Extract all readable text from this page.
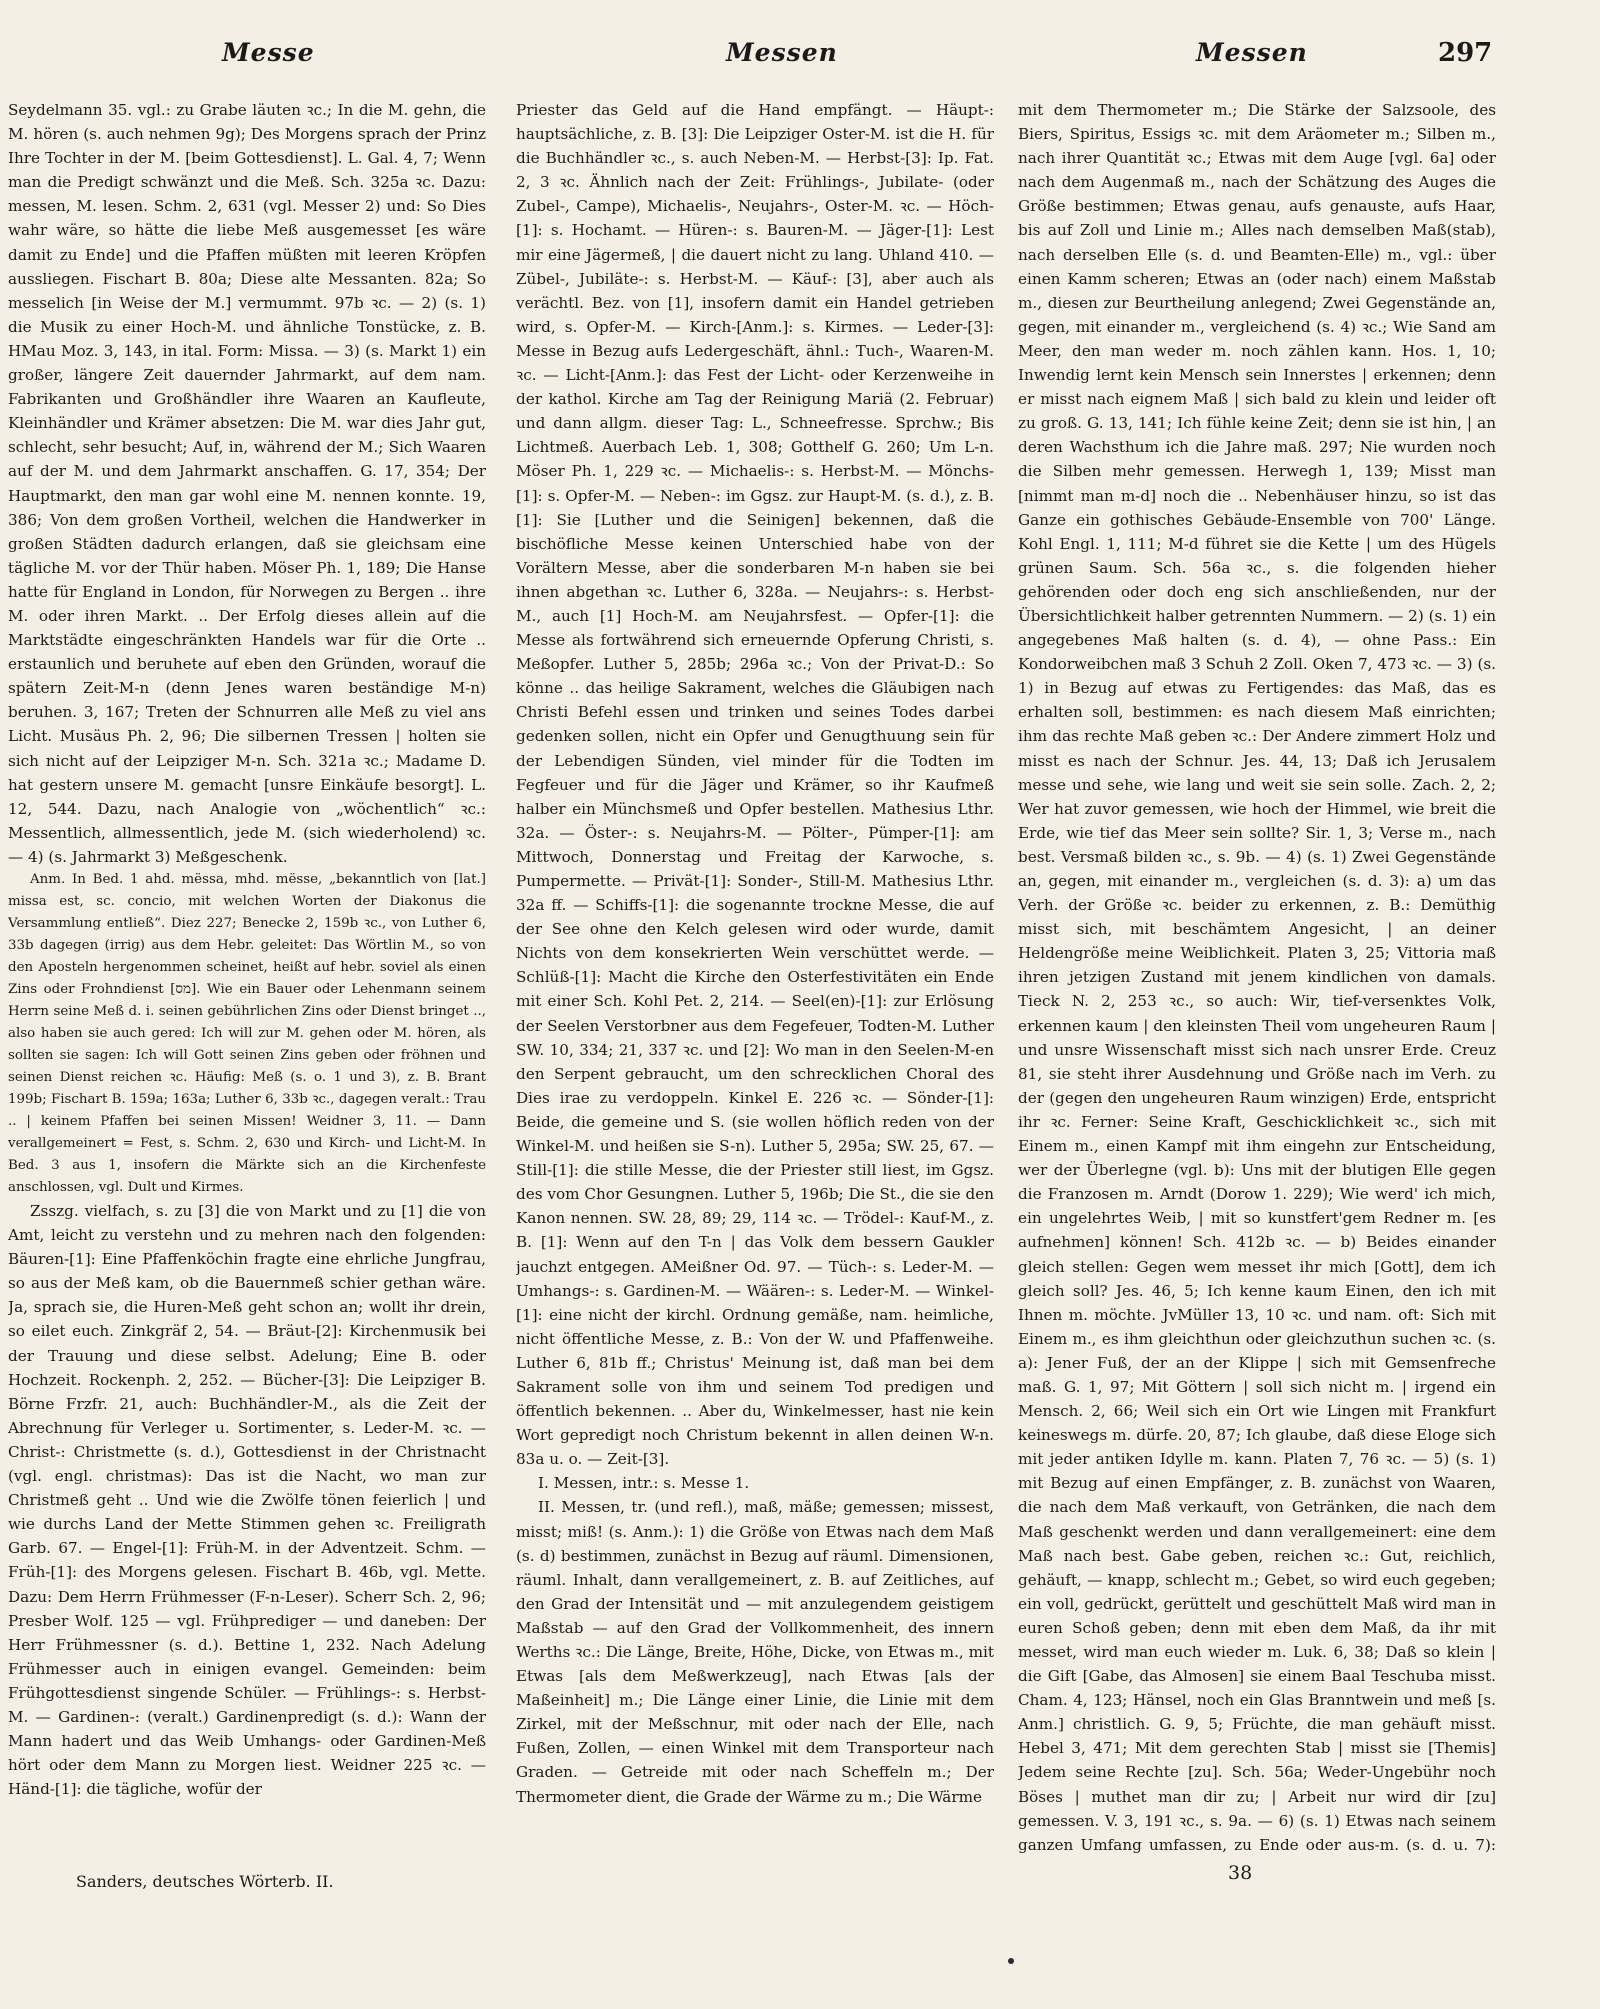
Messe	Messen	Messen	297

Seydelmann 35. vgl.: zu Grabe läuten ꝛc.; In die M. gehn, die M. hören (s. auch nehmen 9g); Des Morgens sprach der Prinz Ihre Tochter in der M. [beim Gottesdienst]. L. Gal. 4, 7; Wenn man die Predigt schwänzt und die Meß. Sch. 325a ꝛc. Dazu: messen, M. lesen. Schm. 2, 631 (vgl. Messer 2) und: So Dies wahr wäre, so hätte die liebe Meß ausgemesset [es wäre damit zu Ende] und die Pfaffen müßten mit leeren Kröpfen aussliegen. Fischart B. 80a; Diese alte Messanten. 82a; So messelich [in Weise der M.] vermummt. 97b ꝛc. — 2) (s. 1) die Musik zu einer Hoch-M. und ähnliche Tonstücke, z. B. HMau Moz. 3, 143, in ital. Form: Missa. — 3) (s. Markt 1) ein großer, längere Zeit dauernder Jahrmarkt, auf dem nam. Fabrikanten und Großhändler ihre Waaren an Kaufleute, Kleinhändler und Krämer absetzen: Die M. war dies Jahr gut, schlecht, sehr besucht; Auf, in, während der M.; Sich Waaren auf der M. und dem Jahrmarkt anschaffen. G. 17, 354; Der Hauptmarkt, den man gar wohl eine M. nennen konnte. 19, 386; Von dem großen Vortheil, welchen die Handwerker in großen Städten dadurch erlangen, daß sie gleichsam eine tägliche M. vor der Thür haben. Möser Ph. 1, 189; Die Hanse hatte für England in London, für Norwegen zu Bergen .. ihre M. oder ihren Markt. .. Der Erfolg dieses allein auf die Marktstädte eingeschränkten Handels war für die Orte .. erstaunlich und beruhete auf eben den Gründen, worauf die spätern Zeit-M-n (denn Jenes waren beständige M-n) beruhen. 3, 167; Treten der Schnurren alle Meß zu viel ans Licht. Musäus Ph. 2, 96; Die silbernen Tressen | holten sie sich nicht auf der Leipziger M-n. Sch. 321a ꝛc.; Madame D. hat gestern unsere M. gemacht [unsre Einkäufe besorgt]. L. 12, 544. Dazu, nach Analogie von „wöchentlich“ ꝛc.: Messentlich, allmessentlich, jede M. (sich wiederholend) ꝛc. — 4) (s. Jahrmarkt 3) Meßgeschenk.

Anm. In Bed. 1 ahd. mëssa, mhd. mësse, „bekanntlich von [lat.] missa est, sc. concio, mit welchen Worten der Diakonus die Versammlung entließ“. Diez 227; Benecke 2, 159b ꝛc., von Luther 6, 33b dagegen (irrig) aus dem Hebr. geleitet: Das Wörtlin M., so von den Aposteln hergenommen scheinet, heißt auf hebr. soviel als einen Zins oder Frohndienst [מס]. Wie ein Bauer oder Lehenmann seinem Herrn seine Meß d. i. seinen gebührlichen Zins oder Dienst bringet .., also haben sie auch gered: Ich will zur M. gehen oder M. hören, als sollten sie sagen: Ich will Gott seinen Zins geben oder fröhnen und seinen Dienst reichen ꝛc. Häufig: Meß (s. o. 1 und 3), z. B. Brant 199b; Fischart B. 159a; 163a; Luther 6, 33b ꝛc., dagegen veralt.: Trau .. | keinem Pfaffen bei seinen Missen! Weidner 3, 11. — Dann verallgemeinert = Fest, s. Schm. 2, 630 und Kirch- und Licht-M. In Bed. 3 aus 1, insofern die Märkte sich an die Kirchenfeste anschlossen, vgl. Dult und Kirmes.

Zsszg. vielfach, s. zu [3] die von Markt und zu [1] die von Amt, leicht zu verstehn und zu mehren nach den folgenden: Bäuren-[1]: Eine Pfaffenköchin fragte eine ehrliche Jungfrau, so aus der Meß kam, ob die Bauernmeß schier gethan wäre. Ja, sprach sie, die Huren-Meß geht schon an; wollt ihr drein, so eilet euch. Zinkgräf 2, 54. — Bräut-[2]: Kirchenmusik bei der Trauung und diese selbst. Adelung; Eine B. oder Hochzeit. Rockenph. 2, 252. — Bücher-[3]: Die Leipziger B. Börne Frzfr. 21, auch: Buchhändler-M., als die Zeit der Abrechnung für Verleger u. Sortimenter, s. Leder-M. ꝛc. — Christ-: Christmette (s. d.), Gottesdienst in der Christnacht (vgl. engl. christmas): Das ist die Nacht, wo man zur Christmeß geht .. Und wie die Zwölfe tönen feierlich | und wie durchs Land der Mette Stimmen gehen ꝛc. Freiligrath Garb. 67. — Engel-[1]: Früh-M. in der Adventzeit. Schm. — Früh-[1]: des Morgens gelesen. Fischart B. 46b, vgl. Mette. Dazu: Dem Herrn Frühmesser (F-n-Leser). Scherr Sch. 2, 96; Presber Wolf. 125 — vgl. Frühprediger — und daneben: Der Herr Frühmessner (s. d.). Bettine 1, 232. Nach Adelung Frühmesser auch in einigen evangel. Gemeinden: beim Frühgottesdienst singende Schüler. — Frühlings-: s. Herbst-M. — Gardinen-: (veralt.) Gardinenpredigt (s. d.): Wann der Mann hadert und das Weib Umhangs- oder Gardinen-Meß hört oder dem Mann zu Morgen liest. Weidner 225 ꝛc. — Händ-[1]: die tägliche, wofür der

Priester das Geld auf die Hand empfängt. — Häupt-: hauptsächliche, z. B. [3]: Die Leipziger Oster-M. ist die H. für die Buchhändler ꝛc., s. auch Neben-M. — Herbst-[3]: Ip. Fat. 2, 3 ꝛc. Ähnlich nach der Zeit: Frühlings-, Jubilate- (oder Zubel-, Campe), Michaelis-, Neujahrs-, Oster-M. ꝛc. — Höch-[1]: s. Hochamt. — Hüren-: s. Bauren-M. — Jäger-[1]: Lest mir eine Jägermeß, | die dauert nicht zu lang. Uhland 410. — Zübel-, Jubiläte-: s. Herbst-M. — Käuf-: [3], aber auch als verächtl. Bez. von [1], insofern damit ein Handel getrieben wird, s. Opfer-M. — Kirch-[Anm.]: s. Kirmes. — Leder-[3]: Messe in Bezug aufs Ledergeschäft, ähnl.: Tuch-, Waaren-M. ꝛc. — Licht-[Anm.]: das Fest der Licht- oder Kerzenweihe in der kathol. Kirche am Tag der Reinigung Mariä (2. Februar) und dann allgm. dieser Tag: L., Schneefresse. Sprchw.; Bis Lichtmeß. Auerbach Leb. 1, 308; Gotthelf G. 260; Um L-n. Möser Ph. 1, 229 ꝛc. — Michaelis-: s. Herbst-M. — Mönchs-[1]: s. Opfer-M. — Neben-: im Ggsz. zur Haupt-M. (s. d.), z. B. [1]: Sie [Luther und die Seinigen] bekennen, daß die bischöfliche Messe keinen Unterschied habe von der Vorältern Messe, aber die sonderbaren M-n haben sie bei ihnen abgethan ꝛc. Luther 6, 328a. — Neujahrs-: s. Herbst-M., auch [1] Hoch-M. am Neujahrsfest. — Opfer-[1]: die Messe als fortwährend sich erneuernde Opferung Christi, s. Meßopfer. Luther 5, 285b; 296a ꝛc.; Von der Privat-D.: So könne .. das heilige Sakrament, welches die Gläubigen nach Christi Befehl essen und trinken und seines Todes darbei gedenken sollen, nicht ein Opfer und Genugthuung sein für der Lebendigen Sünden, viel minder für die Todten im Fegfeuer und für die Jäger und Krämer, so ihr Kaufmeß halber ein Münchsmeß und Opfer bestellen. Mathesius Lthr. 32a. — Öster-: s. Neujahrs-M. — Pölter-, Pümper-[1]: am Mittwoch, Donnerstag und Freitag der Karwoche, s. Pumpermette. — Privät-[1]: Sonder-, Still-M. Mathesius Lthr. 32a ff. — Schiffs-[1]: die sogenannte trockne Messe, die auf der See ohne den Kelch gelesen wird oder wurde, damit Nichts von dem konsekrierten Wein verschüttet werde. — Schlüß-[1]: Macht die Kirche den Osterfestivitäten ein Ende mit einer Sch. Kohl Pet. 2, 214. — Seel(en)-[1]: zur Erlösung der Seelen Verstorbner aus dem Fegefeuer, Todten-M. Luther SW. 10, 334; 21, 337 ꝛc. und [2]: Wo man in den Seelen-M-en den Serpent gebraucht, um den schrecklichen Choral des Dies irae zu verdoppeln. Kinkel E. 226 ꝛc. — Sönder-[1]: Beide, die gemeine und S. (sie wollen höflich reden von der Winkel-M. und heißen sie S-n). Luther 5, 295a; SW. 25, 67. — Still-[1]: die stille Messe, die der Priester still liest, im Ggsz. des vom Chor Gesungnen. Luther 5, 196b; Die St., die sie den Kanon nennen. SW. 28, 89; 29, 114 ꝛc. — Trödel-: Kauf-M., z. B. [1]: Wenn auf den T-n | das Volk dem bessern Gaukler jauchzt entgegen. AMeißner Od. 97. — Tüch-: s. Leder-M. — Umhangs-: s. Gardinen-M. — Wäären-: s. Leder-M. — Winkel-[1]: eine nicht der kirchl. Ordnung gemäße, nam. heimliche, nicht öffentliche Messe, z. B.: Von der W. und Pfaffenweihe. Luther 6, 81b ff.; Christus' Meinung ist, daß man bei dem Sakrament solle von ihm und seinem Tod predigen und öffentlich bekennen. .. Aber du, Winkelmesser, hast nie kein Wort gepredigt noch Christum bekennt in allen deinen W-n. 83a u. o. — Zeit-[3].

I. Messen, intr.: s. Messe 1.

II. Messen, tr. (und refl.), maß, mäße; gemessen; missest, misst; miß! (s. Anm.): 1) die Größe von Etwas nach dem Maß (s. d) bestimmen, zunächst in Bezug auf räuml. Dimensionen, räuml. Inhalt, dann verallgemeinert, z. B. auf Zeitliches, auf den Grad der Intensität und — mit anzulegendem geistigem Maßstab — auf den Grad der Vollkommenheit, des innern Werths ꝛc.: Die Länge, Breite, Höhe, Dicke, von Etwas m., mit Etwas [als dem Meßwerkzeug], nach Etwas [als der Maßeinheit] m.; Die Länge einer Linie, die Linie mit dem Zirkel, mit der Meßschnur, mit oder nach der Elle, nach Fußen, Zollen, — einen Winkel mit dem Transporteur nach Graden. — Getreide mit oder nach Scheffeln m.; Der Thermometer dient, die Grade der Wärme zu m.; Die Wärme

mit dem Thermometer m.; Die Stärke der Salzsoole, des Biers, Spiritus, Essigs ꝛc. mit dem Aräometer m.; Silben m., nach ihrer Quantität ꝛc.; Etwas mit dem Auge [vgl. 6a] oder nach dem Augenmaß m., nach der Schätzung des Auges die Größe bestimmen; Etwas genau, aufs genauste, aufs Haar, bis auf Zoll und Linie m.; Alles nach demselben Maß(stab), nach derselben Elle (s. d. und Beamten-Elle) m., vgl.: über einen Kamm scheren; Etwas an (oder nach) einem Maßstab m., diesen zur Beurtheilung anlegend; Zwei Gegenstände an, gegen, mit einander m., vergleichend (s. 4) ꝛc.; Wie Sand am Meer, den man weder m. noch zählen kann. Hos. 1, 10; Inwendig lernt kein Mensch sein Innerstes | erkennen; denn er misst nach eignem Maß | sich bald zu klein und leider oft zu groß. G. 13, 141; Ich fühle keine Zeit; denn sie ist hin, | an deren Wachsthum ich die Jahre maß. 297; Nie wurden noch die Silben mehr gemessen. Herwegh 1, 139; Misst man [nimmt man m-d] noch die .. Nebenhäuser hinzu, so ist das Ganze ein gothisches Gebäude-Ensemble von 700' Länge. Kohl Engl. 1, 111; M-d führet sie die Kette | um des Hügels grünen Saum. Sch. 56a ꝛc., s. die folgenden hieher gehörenden oder doch eng sich anschließenden, nur der Übersichtlichkeit halber getrennten Nummern. — 2) (s. 1) ein angegebenes Maß halten (s. d. 4), — ohne Pass.: Ein Kondorweibchen maß 3 Schuh 2 Zoll. Oken 7, 473 ꝛc. — 3) (s. 1) in Bezug auf etwas zu Fertigendes: das Maß, das es erhalten soll, bestimmen: es nach diesem Maß einrichten; ihm das rechte Maß geben ꝛc.: Der Andere zimmert Holz und misst es nach der Schnur. Jes. 44, 13; Daß ich Jerusalem messe und sehe, wie lang und weit sie sein solle. Zach. 2, 2; Wer hat zuvor gemessen, wie hoch der Himmel, wie breit die Erde, wie tief das Meer sein sollte? Sir. 1, 3; Verse m., nach best. Versmaß bilden ꝛc., s. 9b. — 4) (s. 1) Zwei Gegenstände an, gegen, mit einander m., vergleichen (s. d. 3): a) um das Verh. der Größe ꝛc. beider zu erkennen, z. B.: Demüthig misst sich, mit beschämtem Angesicht, | an deiner Heldengröße meine Weiblichkeit. Platen 3, 25; Vittoria maß ihren jetzigen Zustand mit jenem kindlichen von damals. Tieck N. 2, 253 ꝛc., so auch: Wir, tief-versenktes Volk, erkennen kaum | den kleinsten Theil vom ungeheuren Raum | und unsre Wissenschaft misst sich nach unsrer Erde. Creuz 81, sie steht ihrer Ausdehnung und Größe nach im Verh. zu der (gegen den ungeheuren Raum winzigen) Erde, entspricht ihr ꝛc. Ferner: Seine Kraft, Geschicklichkeit ꝛc., sich mit Einem m., einen Kampf mit ihm eingehn zur Entscheidung, wer der Überlegne (vgl. b): Uns mit der blutigen Elle gegen die Franzosen m. Arndt (Dorow 1. 229); Wie werd' ich mich, ein ungelehrtes Weib, | mit so kunstfert'gem Redner m. [es aufnehmen] können! Sch. 412b ꝛc. — b) Beides einander gleich stellen: Gegen wem messet ihr mich [Gott], dem ich gleich soll? Jes. 46, 5; Ich kenne kaum Einen, den ich mit Ihnen m. möchte. JvMüller 13, 10 ꝛc. und nam. oft: Sich mit Einem m., es ihm gleichthun oder gleichzuthun suchen ꝛc. (s. a): Jener Fuß, der an der Klippe | sich mit Gemsenfreche maß. G. 1, 97; Mit Göttern | soll sich nicht m. | irgend ein Mensch. 2, 66; Weil sich ein Ort wie Lingen mit Frankfurt keineswegs m. dürfe. 20, 87; Ich glaube, daß diese Eloge sich mit jeder antiken Idylle m. kann. Platen 7, 76 ꝛc. — 5) (s. 1) mit Bezug auf einen Empfänger, z. B. zunächst von Waaren, die nach dem Maß verkauft, von Getränken, die nach dem Maß geschenkt werden und dann verallgemeinert: eine dem Maß nach best. Gabe geben, reichen ꝛc.: Gut, reichlich, gehäuft, — knapp, schlecht m.; Gebet, so wird euch gegeben; ein voll, gedrückt, gerüttelt und geschüttelt Maß wird man in euren Schoß geben; denn mit eben dem Maß, da ihr mit messet, wird man euch wieder m. Luk. 6, 38; Daß so klein | die Gift [Gabe, das Almosen] sie einem Baal Teschuba misst. Cham. 4, 123; Hänsel, noch ein Glas Branntwein und meß [s. Anm.] christlich. G. 9, 5; Früchte, die man gehäuft misst. Hebel 3, 471; Mit dem gerechten Stab | misst sie [Themis] Jedem seine Rechte [zu]. Sch. 56a; Weder-Ungebühr noch Böses | muthet man dir zu; | Arbeit nur wird dir [zu] gemessen. V. 3, 191 ꝛc., s. 9a. — 6) (s. 1) Etwas nach seinem ganzen Umfang umfassen, zu Ende oder aus-m. (s. d. u. 7):

Sanders, deutsches Wörterb. II.	38
